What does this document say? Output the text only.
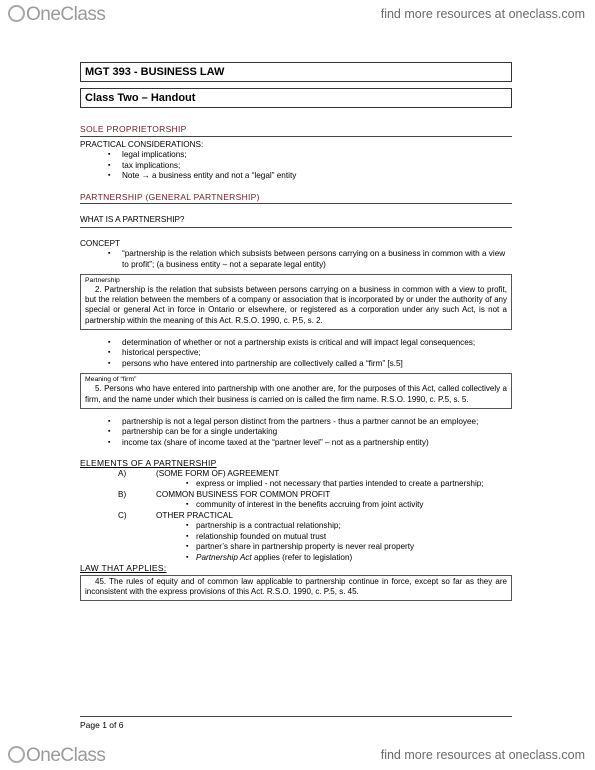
OneClass	find more resources at oneclass.com
MGT 393 - BUSINESS LAW
Class Two – Handout
SOLE PROPRIETORSHIP
PRACTICAL CONSIDERATIONS:
▪ legal implications;
▪ tax implications;
▪ Note → a business entity and not a “legal” entity
PARTNERSHIP (GENERAL PARTNERSHIP)
WHAT IS A PARTNERSHIP?
CONCEPT
▪ “partnership is the relation which subsists between persons carrying on a business in common with a view to profit”; (a business entity – not a separate legal entity)
Partnership
2. Partnership is the relation that subsists between persons carrying on a business in common with a view to profit, but the relation between the members of a company or association that is incorporated by or under the authority of any special or general Act in force in Ontario or elsewhere, or registered as a corporation under any such Act, is not a partnership within the meaning of this Act. R.S.O. 1990, c. P.5, s. 2.
▪ determination of whether or not a partnership exists is critical and will impact legal consequences;
▪ historical perspective;
▪ persons who have entered into partnership are collectively called a “firm” [s.5]
Meaning of “firm”
5. Persons who have entered into partnership with one another are, for the purposes of this Act, called collectively a firm, and the name under which their business is carried on is called the firm name. R.S.O. 1990, c. P.5, s. 5.
▪ partnership is not a legal person distinct from the partners - thus a partner cannot be an employee;
▪ partnership can be for a single undertaking
▪ income tax (share of income taxed at the “partner level” – not as a partnership entity)
ELEMENTS OF A PARTNERSHIP
A)	(SOME FORM OF) AGREEMENT
▪ express or implied - not necessary that parties intended to create a partnership;
B)	COMMON BUSINESS FOR COMMON PROFIT
▪ community of interest in the benefits accruing from joint activity
C)	OTHER PRACTICAL
▪ partnership is a contractual relationship;
▪ relationship founded on mutual trust
▪ partner’s share in partnership property is never real property
▪ Partnership Act applies (refer to legislation)
LAW THAT APPLIES:
45. The rules of equity and of common law applicable to partnership continue in force, except so far as they are inconsistent with the express provisions of this Act. R.S.O. 1990, c. P.5, s. 45.
Page 1 of 6
OneClass	find more resources at oneclass.com
